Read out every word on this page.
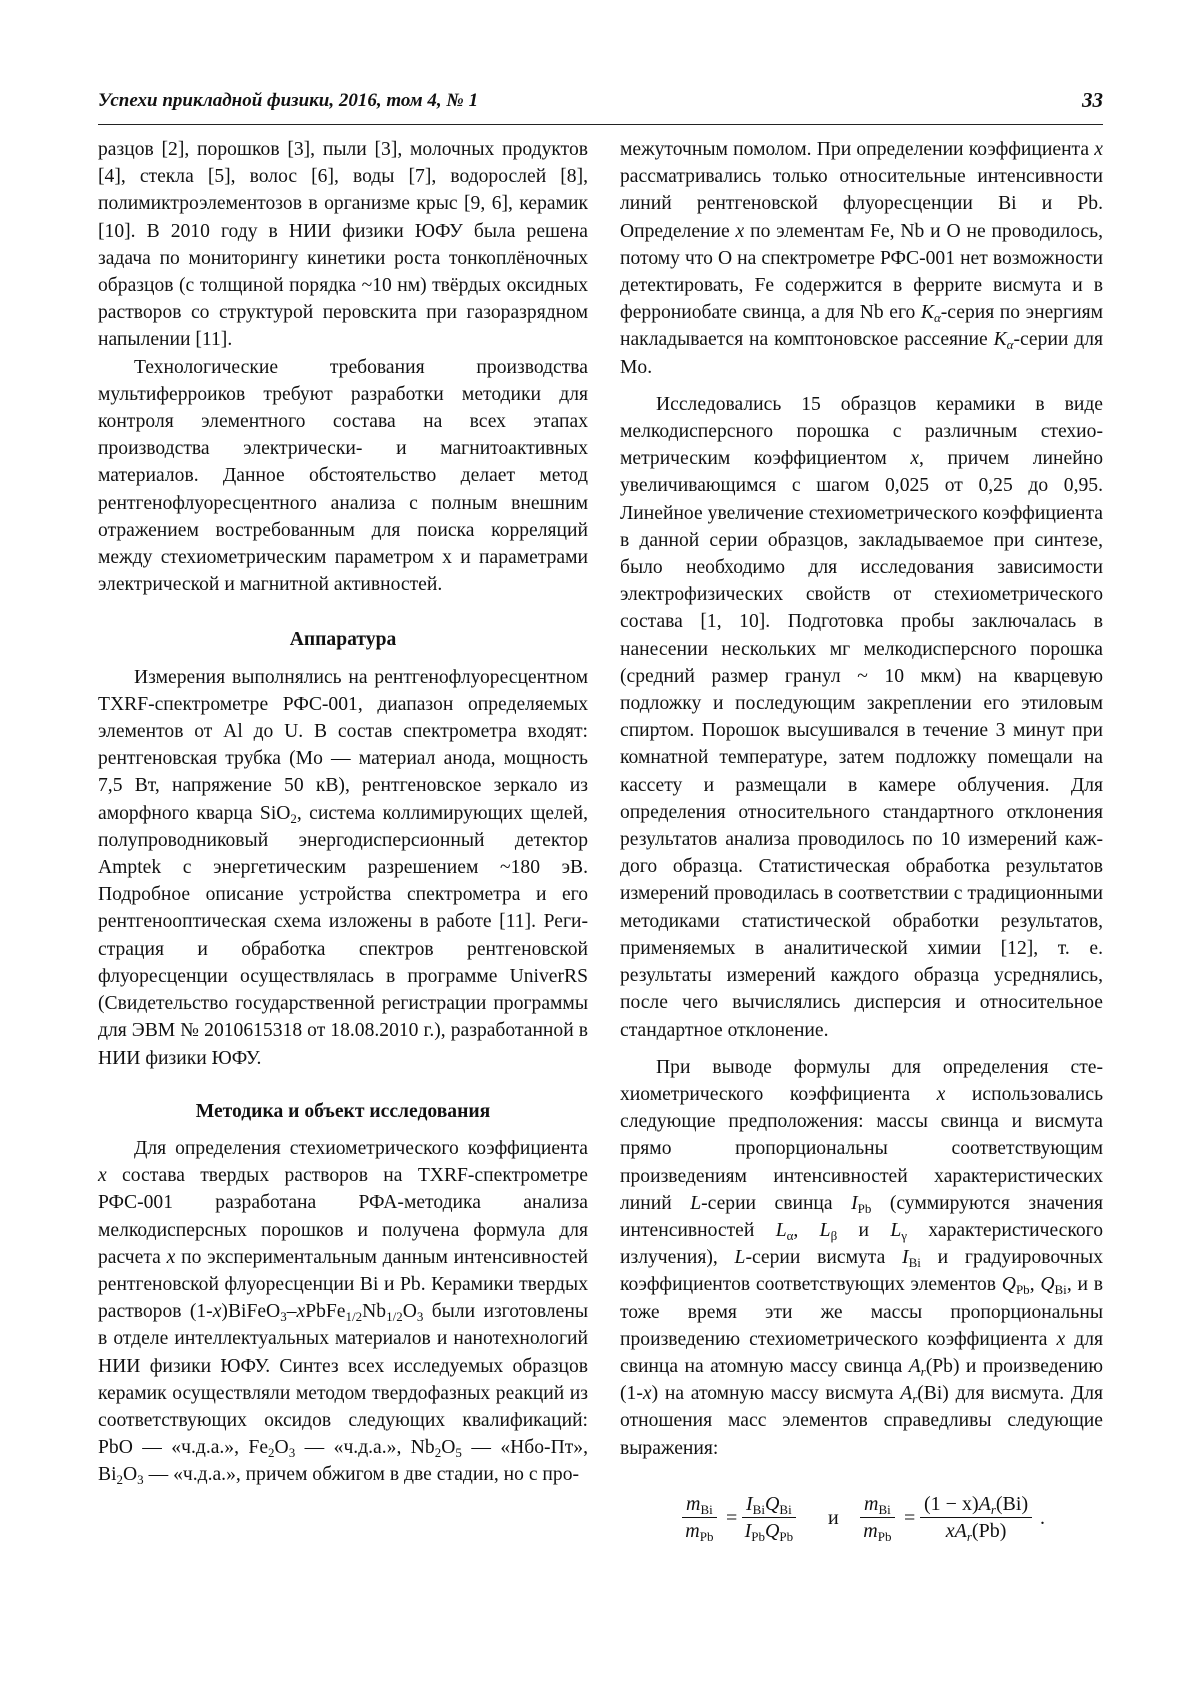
Успехи прикладной физики, 2016, том 4, № 1	33

разцов [2], порошков [3], пыли [3], молочных продуктов [4], стекла [5], волос [6], воды [7], водорослей [8], полимиктроэлементозов в организме крыс [9, 6], керамик [10]. В 2010 году в НИИ физики ЮФУ была решена задача по мониторингу кинетики роста тонкоплёночных образцов (с толщиной порядка ~10 нм) твёрдых оксидных растворов со структурой перовскита при газоразрядном напылении [11].

Технологические требования производства мультиферроиков требуют разработки методики для контроля элементного состава на всех этапах производства электрически- и магнитоактивных материалов. Данное обстоятельство делает метод рентгенофлуоресцентного анализа с полным внешним отражением востребованным для поиска корреляций между стехиометрическим параметром x и параметрами электрической и магнитной активностей.

Аппаратура

Измерения выполнялись на рентгенофлуоресцентном TXRF-спектрометре РФС-001, диапазон определяемых элементов от Al до U. В состав спектрометра входят: рентгеновская трубка (Mo — материал анода, мощность 7,5 Вт, напряжение 50 кВ), рентгеновское зеркало из аморфного кварца SiO$_2$, система коллимирующих щелей, полупроводниковый энергодисперсионный детектор Amptek с энергетическим разрешением ~180 эВ. Подробное описание устройства спектрометра и его рентгенооптическая схема изложены в работе [11]. Регистрация и обработка спектров рентгеновской флуоресценции осуществлялась в программе UniverRS (Свидетельство государственной регистрации программы для ЭВМ № 2010615318 от 18.08.2010 г.), разработанной в НИИ физики ЮФУ.

Методика и объект исследования

Для определения стехиометрического коэффициента x состава твердых растворов на TXRF-спектрометре РФС-001 разработана РФА-методика анализа мелкодисперсных порошков и получена формула для расчета x по экспериментальным данным интенсивностей рентгеновской флуоресценции Bi и Pb. Керамики твердых растворов $(1-x)BiFeO_3-xPbFe_{1/2}Nb_{1/2}O_3$ были изготовлены в отделе интеллектуальных материалов и нанотехнологий НИИ физики ЮФУ. Синтез всех исследуемых образцов керамик осуществляли методом твердофазных реакций из соответствующих оксидов следующих квалификаций: PbO — «ч.д.а.», $Fe_2O_3$ — «ч.д.а.», $Nb_2O_5$ — «Нбо-Пт», $Bi_2O_3$ — «ч.д.а.», причем обжигом в две стадии, но с про-

межуточным помолом. При определении коэффициента x рассматривались только относительные интенсивности линий рентгеновской флуоресценции Bi и Pb. Определение x по элементам Fe, Nb и O не проводилось, потому что O на спектрометре РФС-001 нет возможности детектировать, Fe содержится в феррите висмута и в феррониобате свинца, а для Nb его $K_\alpha$-серия по энергиям накладывается на комптоновское рассеяние $K_\alpha$-серии для Mo.

Исследовались 15 образцов керамики в виде мелкодисперсного порошка с различным стехиометрическим коэффициентом x, причем линейно увеличивающимся с шагом 0,025 от 0,25 до 0,95. Линейное увеличение стехиометрического коэффициента в данной серии образцов, закладываемое при синтезе, было необходимо для исследования зависимости электрофизических свойств от стехиометрического состава [1, 10]. Подготовка пробы заключалась в нанесении нескольких мг мелкодисперсного порошка (средний размер гранул ~ 10 мкм) на кварцевую подложку и последующим закреплении его этиловым спиртом. Порошок высушивался в течение 3 минут при комнатной температуре, затем подложку помещали на кассету и размещали в камере облучения. Для определения относительного стандартного отклонения результатов анализа проводилось по 10 измерений каждого образца. Статистическая обработка результатов измерений проводилась в соответствии с традиционными методиками статистической обработки результатов, применяемых в аналитической химии [12], т. е. результаты измерений каждого образца усреднялись, после чего вычислялись дисперсия и относительное стандартное отклонение.

При выводе формулы для определения стехиометрического коэффициента x использовались следующие предположения: массы свинца и висмута прямо пропорциональны соответствующим произведениям интенсивностей характеристических линий L-серии свинца $I_{Pb}$ (суммируются значения интенсивностей $L_\alpha$, $L_\beta$ и $L_\gamma$ характеристического излучения), L-серии висмута $I_{Bi}$ и градуировочных коэффициентов соответствующих элементов $Q_{Pb}$, $Q_{Bi}$, и в тоже время эти же массы пропорциональны произведению стехиометрического коэффициента x для свинца на атомную массу свинца $A_r(Pb)$ и произведению (1-x) на атомную массу висмута $A_r(Bi)$ для висмута. Для отношения масс элементов справедливы следующие выражения:

$m_{Bi}$
$m_{Pb}$
=
$I_{Bi}Q_{Bi}$
$I_{Pb}Q_{Pb}$
и
$m_{Bi}$
$m_{Pb}$
=
$(1 - x)A_r(Bi)$
$xA_r(Pb)$
.
